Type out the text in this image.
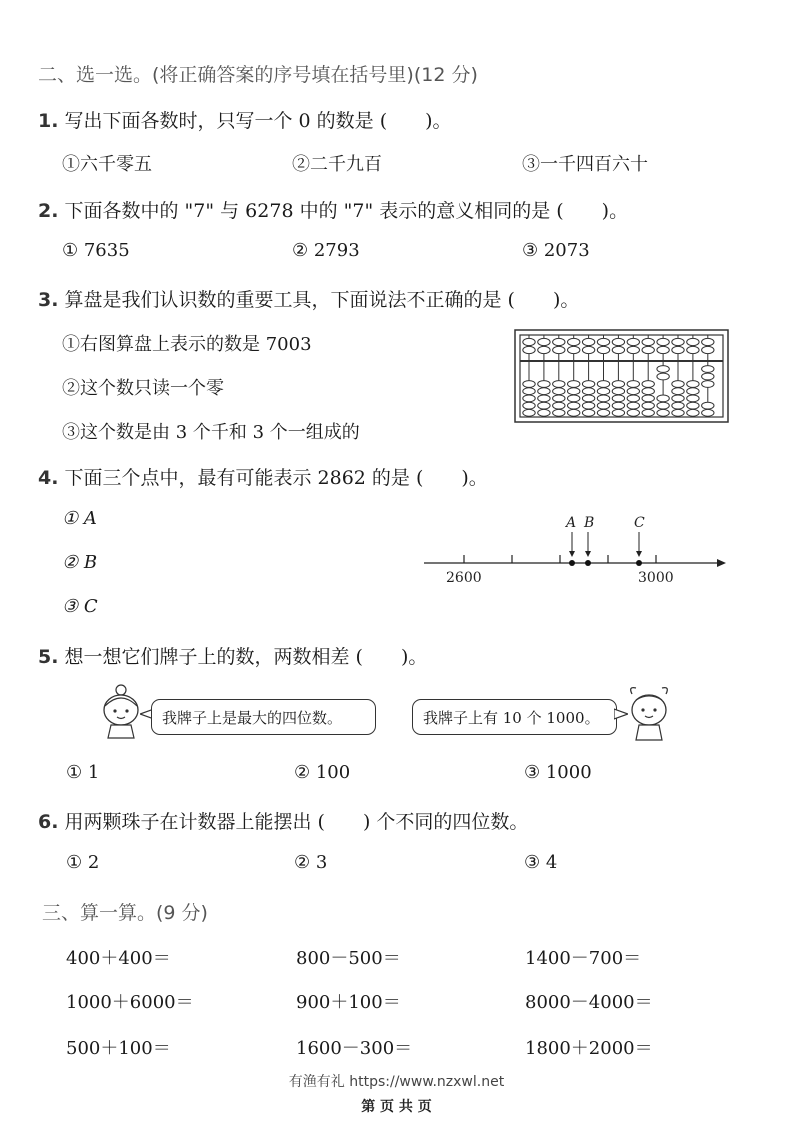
二、选一选。(将正确答案的序号填在括号里)(12 分)
1. 写出下面各数时，只写一个 0 的数是 (　　)。
①六千零五	②二千九百	③一千四百六十
2. 下面各数中的 "7" 与 6278 中的 "7" 表示的意义相同的是 (　　)。
① 7635	② 2793	③ 2073
3. 算盘是我们认识数的重要工具，下面说法不正确的是 (　　)。
①右图算盘上表示的数是 7003
②这个数只读一个零
③这个数是由 3 个千和 3 个一组成的
4. 下面三个点中，最有可能表示 2862 的是 (　　)。
① A
② B
③ C
2600	3000
A B	C
5. 想一想它们牌子上的数，两数相差 (　　)。
我牌子上是最大的四位数。	我牌子上有 10 个 1000。
① 1	② 100	③ 1000
6. 用两颗珠子在计数器上能摆出 (　　) 个不同的四位数。
① 2	② 3	③ 4
三、算一算。(9 分)
400＋400＝	800－500＝	1400－700＝
1000＋6000＝	900＋100＝	8000－4000＝
500＋100＝	1600－300＝	1800＋2000＝
有渔有礼 https://www.nzxwl.net
第 页 共 页
